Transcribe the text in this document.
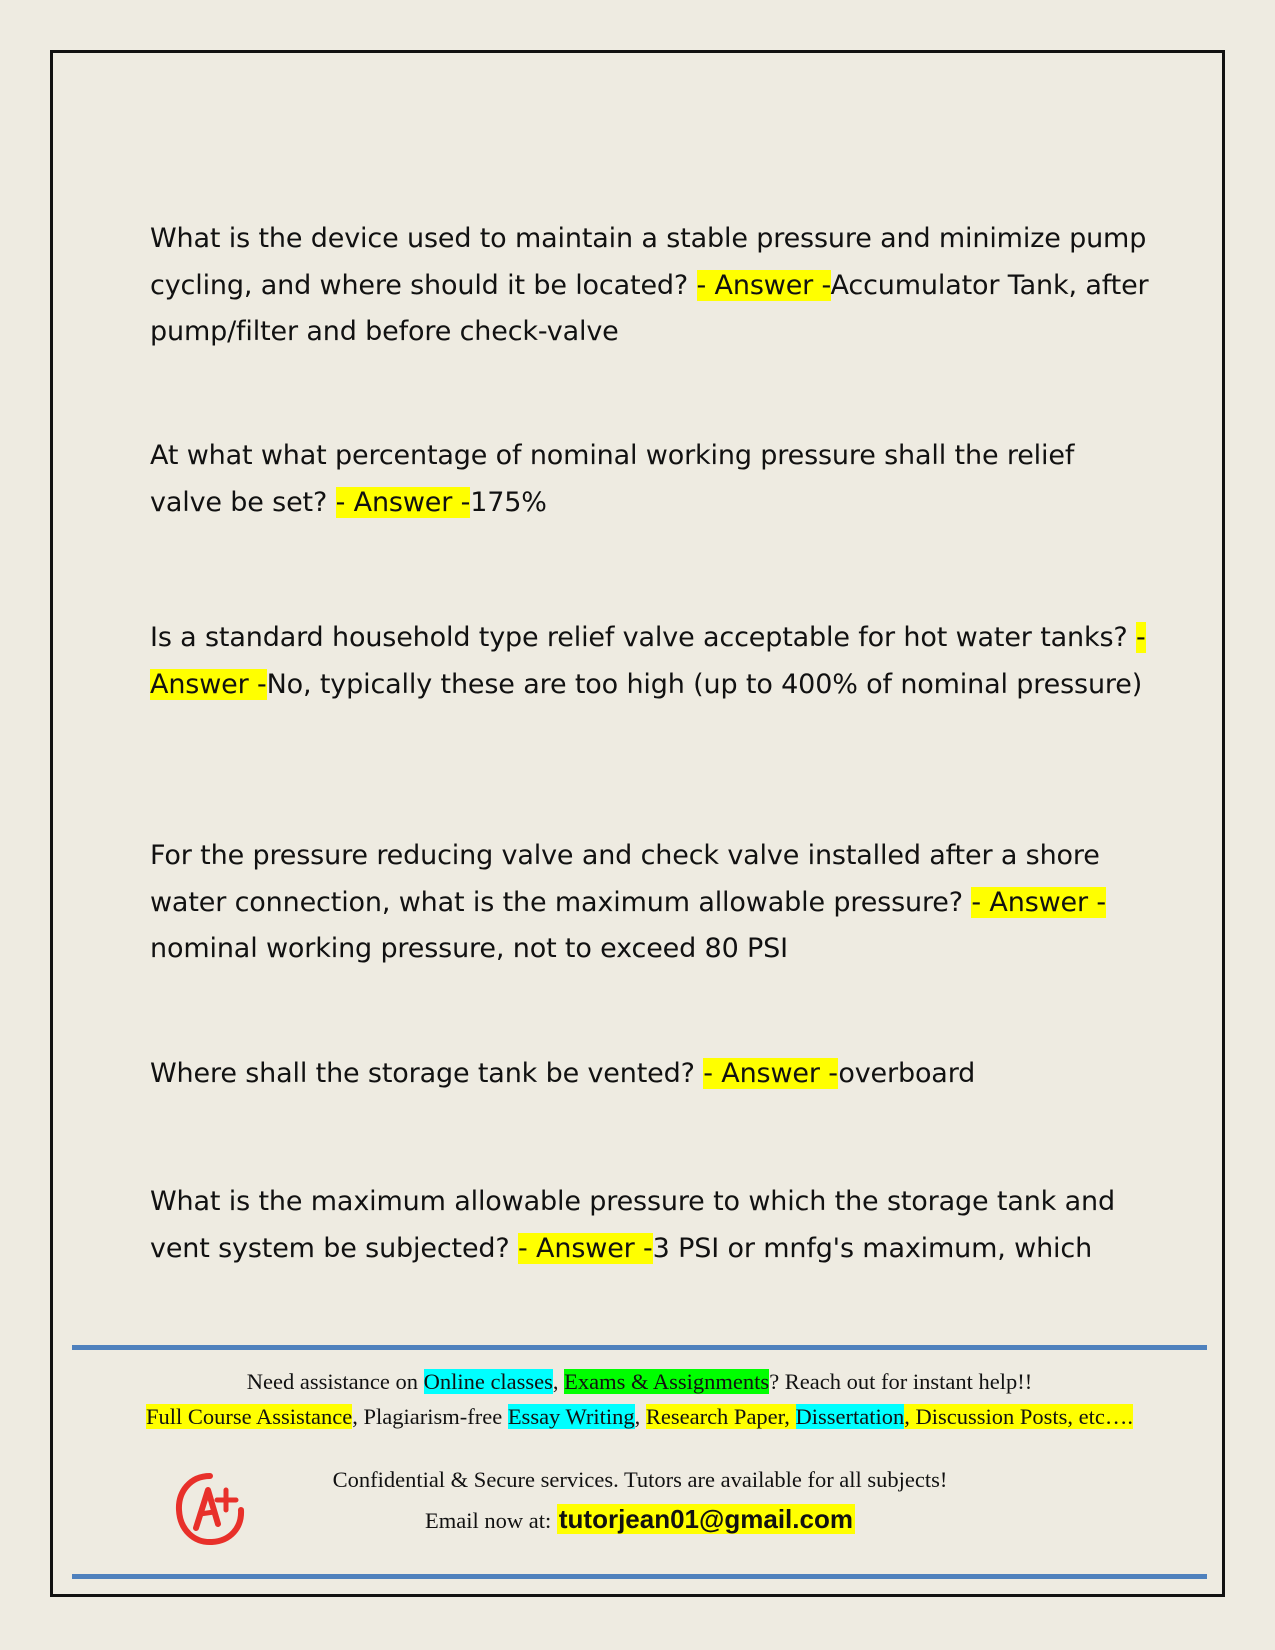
What is the device used to maintain a stable pressure and minimize pump cycling, and where should it be located? - Answer -Accumulator Tank, after pump/filter and before check-valve
At what what percentage of nominal working pressure shall the relief valve be set? - Answer -175%
Is a standard household type relief valve acceptable for hot water tanks? - Answer -No, typically these are too high (up to 400% of nominal pressure)
For the pressure reducing valve and check valve installed after a shore water connection, what is the maximum allowable pressure? - Answer -nominal working pressure, not to exceed 80 PSI
Where shall the storage tank be vented? - Answer -overboard
What is the maximum allowable pressure to which the storage tank and vent system be subjected? - Answer -3 PSI or mnfg's maximum, which
Need assistance on Online classes, Exams & Assignments? Reach out for instant help!!
Full Course Assistance, Plagiarism-free Essay Writing, Research Paper, Dissertation, Discussion Posts, etc….
Confidential & Secure services. Tutors are available for all subjects!
Email now at: tutorjean01@gmail.com
